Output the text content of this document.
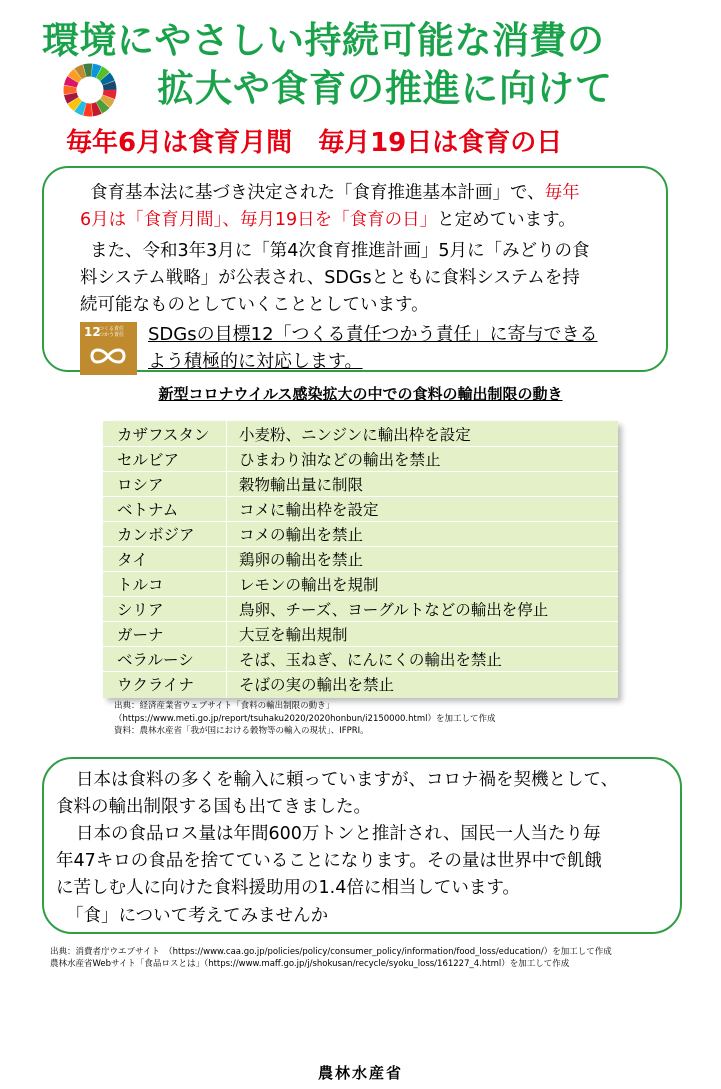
環境にやさしい持続可能な消費の
拡大や食育の推進に向けて
毎年6月は食育月間　毎月19日は食育の日
食育基本法に基づき決定された「食育推進基本計画」で、毎年
6月は「食育月間」、毎月19日を「食育の日」と定めています。
また、令和3年3月に「第4次食育推進計画」5月に「みどりの食
料システム戦略」が公表され、SDGsとともに食料システムを持
続可能なものとしていくこととしています。
12
つくる責任
つかう責任 SDGsの目標12「つくる責任つかう責任」に寄与できる
よう積極的に対応します。
新型コロナウイルス感染拡大の中での食料の輸出制限の動き
カザフスタン 小麦粉、ニンジンに輸出枠を設定
セルビア	ひまわり油などの輸出を禁止
ロシア	穀物輸出量に制限
ベトナム	コメに輸出枠を設定
カンボジア	コメの輸出を禁止
タイ	鶏卵の輸出を禁止
トルコ	レモンの輸出を規制
シリア	鳥卵、チーズ、ヨーグルトなどの輸出を停止
ガーナ	大豆を輸出規制
ベラルーシ	そば、玉ねぎ、にんにくの輸出を禁止
ウクライナ	そばの実の輸出を禁止
出典：経済産業省ウェブサイト「食料の輸出制限の動き」
（https://www.meti.go.jp/report/tsuhaku2020/2020honbun/i2150000.html）を加工して作成
資料：農林水産省「我が国における穀物等の輸入の現状」、IFPRI。
日本は食料の多くを輸入に頼っていますが、コロナ禍を契機として、
食料の輸出制限する国も出てきました。
日本の食品ロス量は年間600万トンと推計され、国民一人当たり毎
年47キロの食品を捨てていることになります。その量は世界中で飢餓
に苦しむ人に向けた食料援助用の1.4倍に相当しています。
「食」について考えてみませんか
出典：消費者庁ウエブサイト　（https://www.caa.go.jp/policies/policy/consumer_policy/information/food_loss/education/）を加工して作成
農林水産省Webサイト「食品ロスとは」（https://www.maff.go.jp/j/shokusan/recycle/syoku_loss/161227_4.html）を加工して作成
農林水産省
